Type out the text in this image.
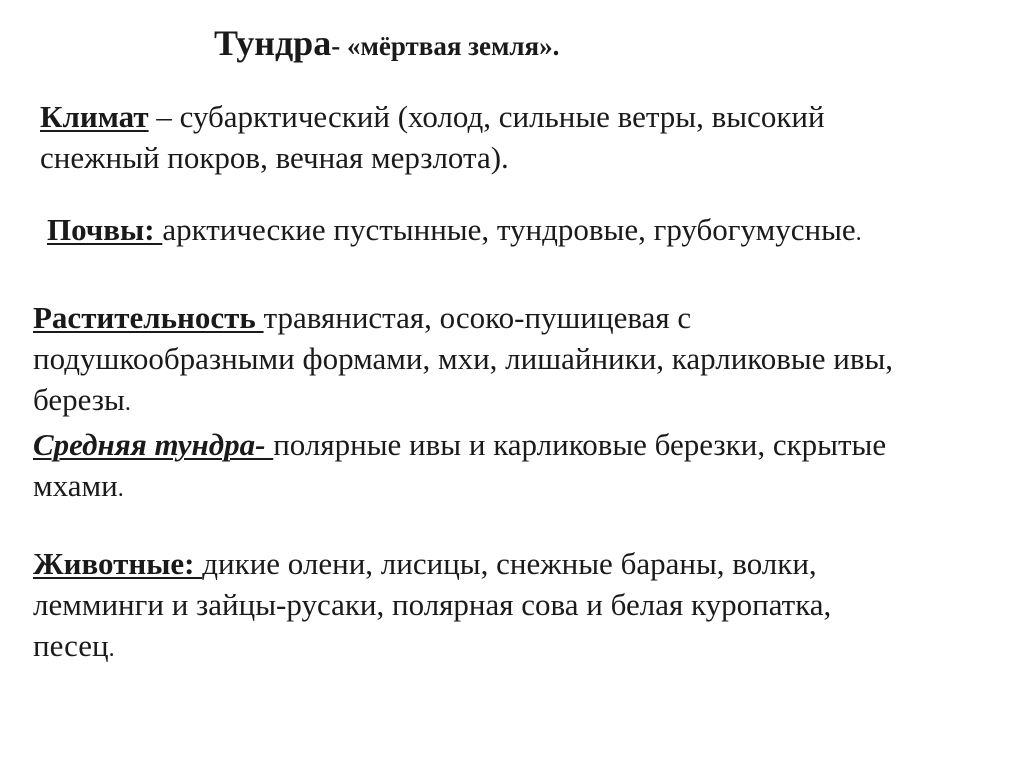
Тундра- «мёртвая земля».
Климат – субарктический (холод, сильные ветры, высокий
снежный покров, вечная мерзлота).
Почвы: арктические пустынные, тундровые, грубогумусные.
Растительность травянистая, осоко-пушицевая с
подушкообразными формами, мхи, лишайники, карликовые ивы,
березы.
Средняя тундра- полярные ивы и карликовые березки, скрытые
мхами.
Животные: дикие олени, лисицы, снежные бараны, волки,
лемминги и зайцы-русаки, полярная сова и белая куропатка,
песец.
